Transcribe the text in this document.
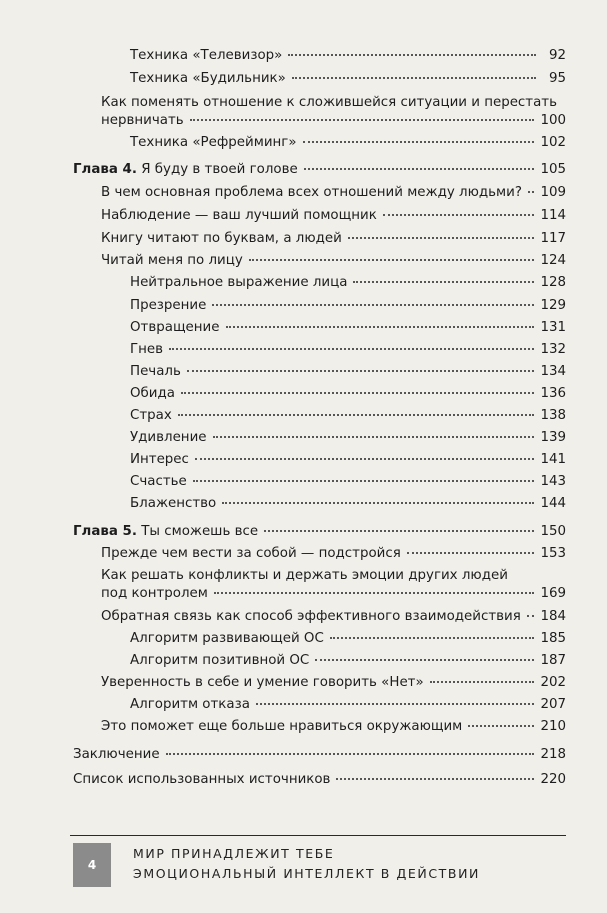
Техника «Телевизор»	92
Техника «Будильник»	95
Как поменять отношение к сложившейся ситуации и перестать
нервничать	100
Техника «Рефрейминг»	102
Глава 4. Я буду в твоей голове	105
В чем основная проблема всех отношений между людьми? 109
Наблюдение — ваш лучший помощник	114
Книгу читают по буквам, а людей	117
Читай меня по лицу	124
Нейтральное выражение лица	128
Презрение	129
Отвращение	131
Гнев	132
Печаль	134
Обида	136
Страх	138
Удивление	139
Интерес	141
Счастье	143
Блаженство	144
Глава 5. Ты сможешь все	150
Прежде чем вести за собой — подстройся	153
Как решать конфликты и держать эмоции других людей
под контролем	169
Обратная связь как способ эффективного взаимодействия 184
Алгоритм развивающей ОС	185
Алгоритм позитивной ОС	187
Уверенность в себе и умение говорить «Нет»	202
Алгоритм отказа	207
Это поможет еще больше нравиться окружающим	210
Заключение	218
Список использованных источников	220
4
МИР ПРИНАДЛЕЖИТ ТЕБЕ
ЭМОЦИОНАЛЬНЫЙ ИНТЕЛЛЕКТ В ДЕЙСТВИИ
